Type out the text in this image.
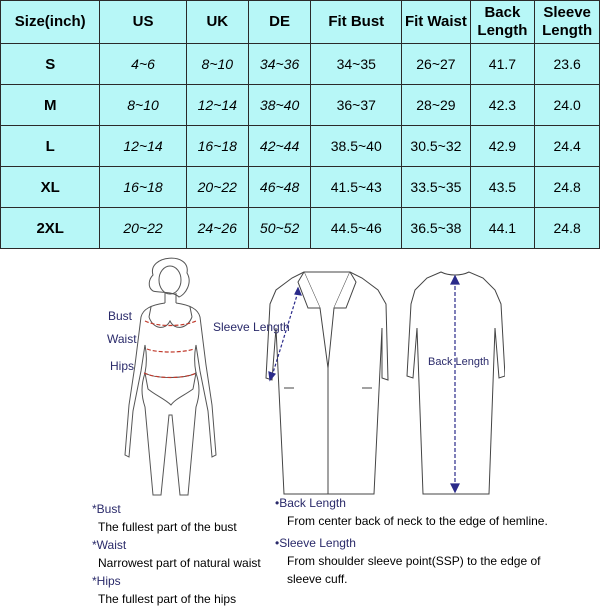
Size(inch)	US	UK	DE	Fit Bust	Fit Waist	Back Length	Sleeve Length
S	4~6	8~10	34~36	34~35	26~27	41.7	23.6
M	8~10	12~14	38~40	36~37	28~29	42.3	24.0
L	12~14	16~18	42~44	38.5~40	30.5~32	42.9	24.4
XL	16~18	20~22	46~48	41.5~43	33.5~35	43.5	24.8
2XL	20~22	24~26	50~52	44.5~46	36.5~38	44.1	24.8
Bust
Waist
Hips
Sleeve Length
Back Length
*Bust
The fullest part of the bust
*Waist
Narrowest part of natural waist
*Hips
The fullest part of the hips
•Back Length
From center back of neck to the edge of hemline.
•Sleeve Length
From shoulder sleeve point(SSP) to the edge of sleeve cuff.
